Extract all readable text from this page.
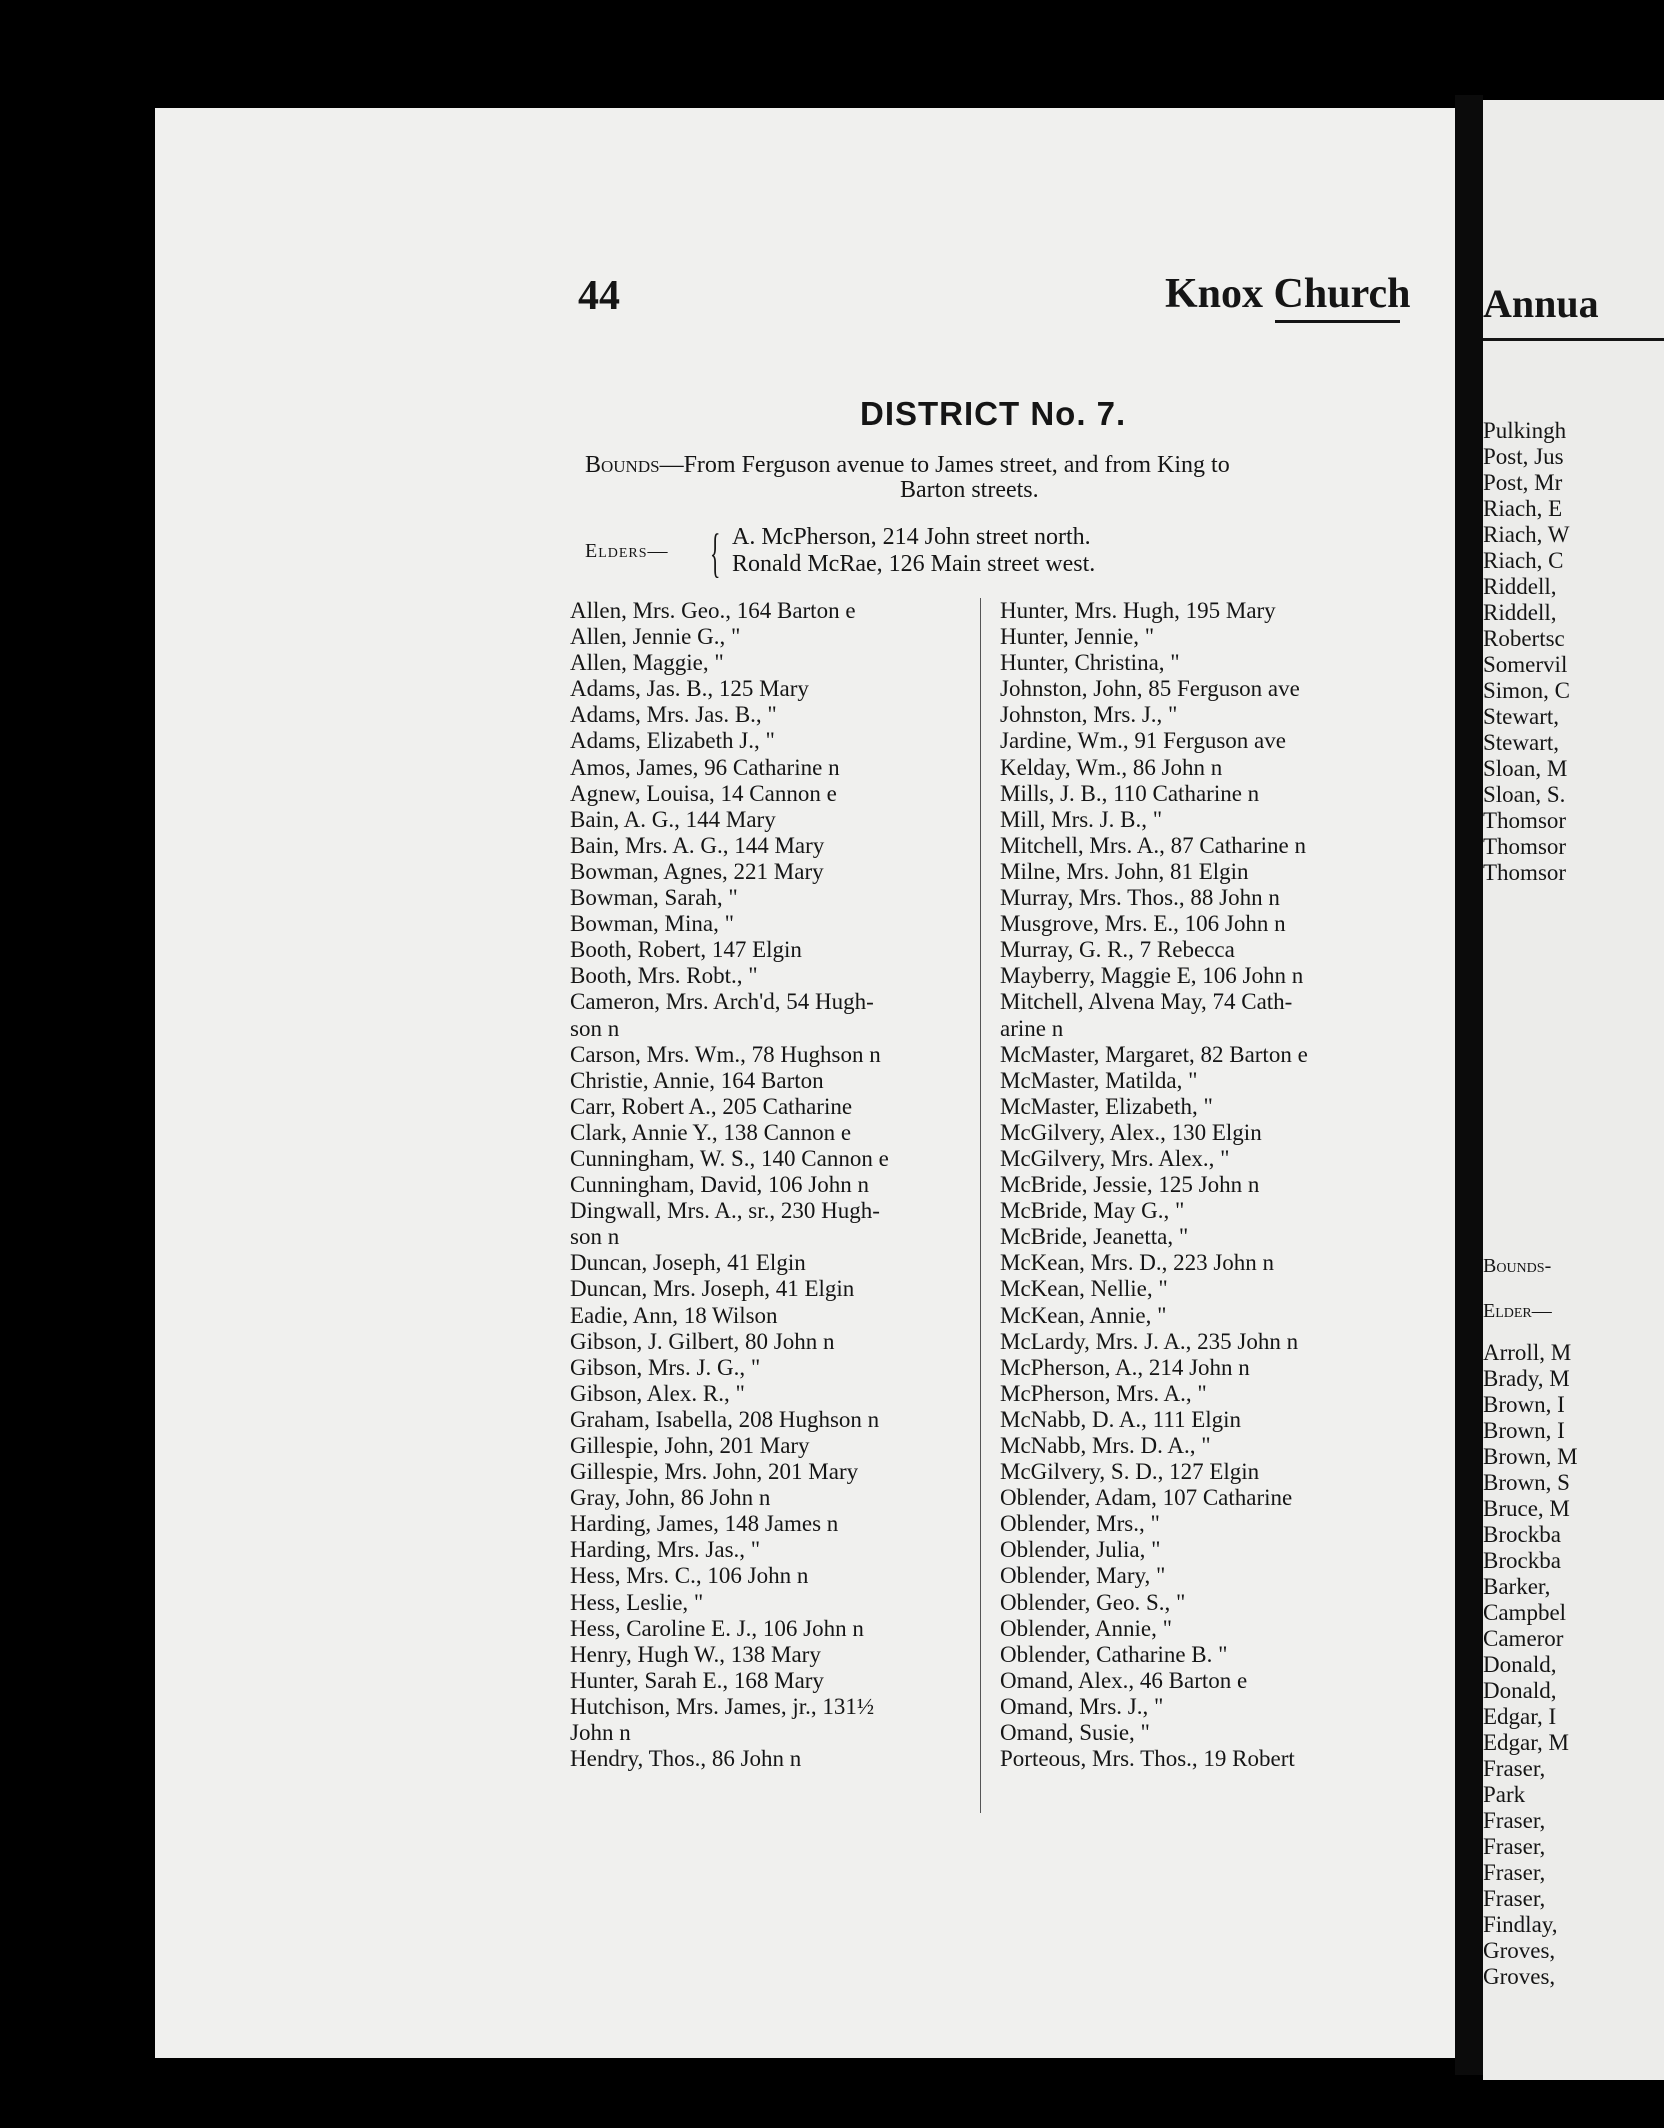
44	Knox Church
DISTRICT No. 7.
Bounds—From Ferguson avenue to James street, and from King to
Barton streets.
Elders— { A. McPherson, 214 John street north.
Ronald McRae, 126 Main street west.
Allen, Mrs. Geo., 164 Barton e
Allen, Jennie G., "
Allen, Maggie, "
Adams, Jas. B., 125 Mary
Adams, Mrs. Jas. B., "
Adams, Elizabeth J., "
Amos, James, 96 Catharine n
Agnew, Louisa, 14 Cannon e
Bain, A. G., 144 Mary
Bain, Mrs. A. G., 144 Mary
Bowman, Agnes, 221 Mary
Bowman, Sarah, "
Bowman, Mina, "
Booth, Robert, 147 Elgin
Booth, Mrs. Robt., "
Cameron, Mrs. Arch'd, 54 Hugh-
son n
Carson, Mrs. Wm., 78 Hughson n
Christie, Annie, 164 Barton
Carr, Robert A., 205 Catharine
Clark, Annie Y., 138 Cannon e
Cunningham, W. S., 140 Cannon e
Cunningham, David, 106 John n
Dingwall, Mrs. A., sr., 230 Hugh-
son n
Duncan, Joseph, 41 Elgin
Duncan, Mrs. Joseph, 41 Elgin
Eadie, Ann, 18 Wilson
Gibson, J. Gilbert, 80 John n
Gibson, Mrs. J. G., "
Gibson, Alex. R., "
Graham, Isabella, 208 Hughson n
Gillespie, John, 201 Mary
Gillespie, Mrs. John, 201 Mary
Gray, John, 86 John n
Harding, James, 148 James n
Harding, Mrs. Jas., "
Hess, Mrs. C., 106 John n
Hess, Leslie, "
Hess, Caroline E. J., 106 John n
Henry, Hugh W., 138 Mary
Hunter, Sarah E., 168 Mary
Hutchison, Mrs. James, jr., 131½
John n
Hendry, Thos., 86 John n
Hunter, Mrs. Hugh, 195 Mary
Hunter, Jennie, "
Hunter, Christina, "
Johnston, John, 85 Ferguson ave
Johnston, Mrs. J., "
Jardine, Wm., 91 Ferguson ave
Kelday, Wm., 86 John n
Mills, J. B., 110 Catharine n
Mill, Mrs. J. B., "
Mitchell, Mrs. A., 87 Catharine n
Milne, Mrs. John, 81 Elgin
Murray, Mrs. Thos., 88 John n
Musgrove, Mrs. E., 106 John n
Murray, G. R., 7 Rebecca
Mayberry, Maggie E, 106 John n
Mitchell, Alvena May, 74 Cath-
arine n
McMaster, Margaret, 82 Barton e
McMaster, Matilda, "
McMaster, Elizabeth, "
McGilvery, Alex., 130 Elgin
McGilvery, Mrs. Alex., "
McBride, Jessie, 125 John n
McBride, May G., "
McBride, Jeanetta, "
McKean, Mrs. D., 223 John n
McKean, Nellie, "
McKean, Annie, "
McLardy, Mrs. J. A., 235 John n
McPherson, A., 214 John n
McPherson, Mrs. A., "
McNabb, D. A., 111 Elgin
McNabb, Mrs. D. A., "
McGilvery, S. D., 127 Elgin
Oblender, Adam, 107 Catharine
Oblender, Mrs., "
Oblender, Julia, "
Oblender, Mary, "
Oblender, Geo. S., "
Oblender, Annie, "
Oblender, Catharine B. "
Omand, Alex., 46 Barton e
Omand, Mrs. J., "
Omand, Susie, "
Porteous, Mrs. Thos., 19 Robert
Annua
Pulkingh
Post, Jus
Post, Mr
Riach, E
Riach, W
Riach, C
Riddell,
Riddell,
Robertsc
Somervil
Simon, C
Stewart,
Stewart,
Sloan, M
Sloan, S.
Thomsor
Thomsor
Thomsor
Bounds-
Elder—
Arroll, M
Brady, M
Brown, I
Brown, I
Brown, M
Brown, S
Bruce, M
Brockba
Brockba
Barker,
Campbel
Cameror
Donald,
Donald,
Edgar, I
Edgar, M
Fraser,
Park
Fraser,
Fraser,
Fraser,
Fraser,
Findlay,
Groves,
Groves,
